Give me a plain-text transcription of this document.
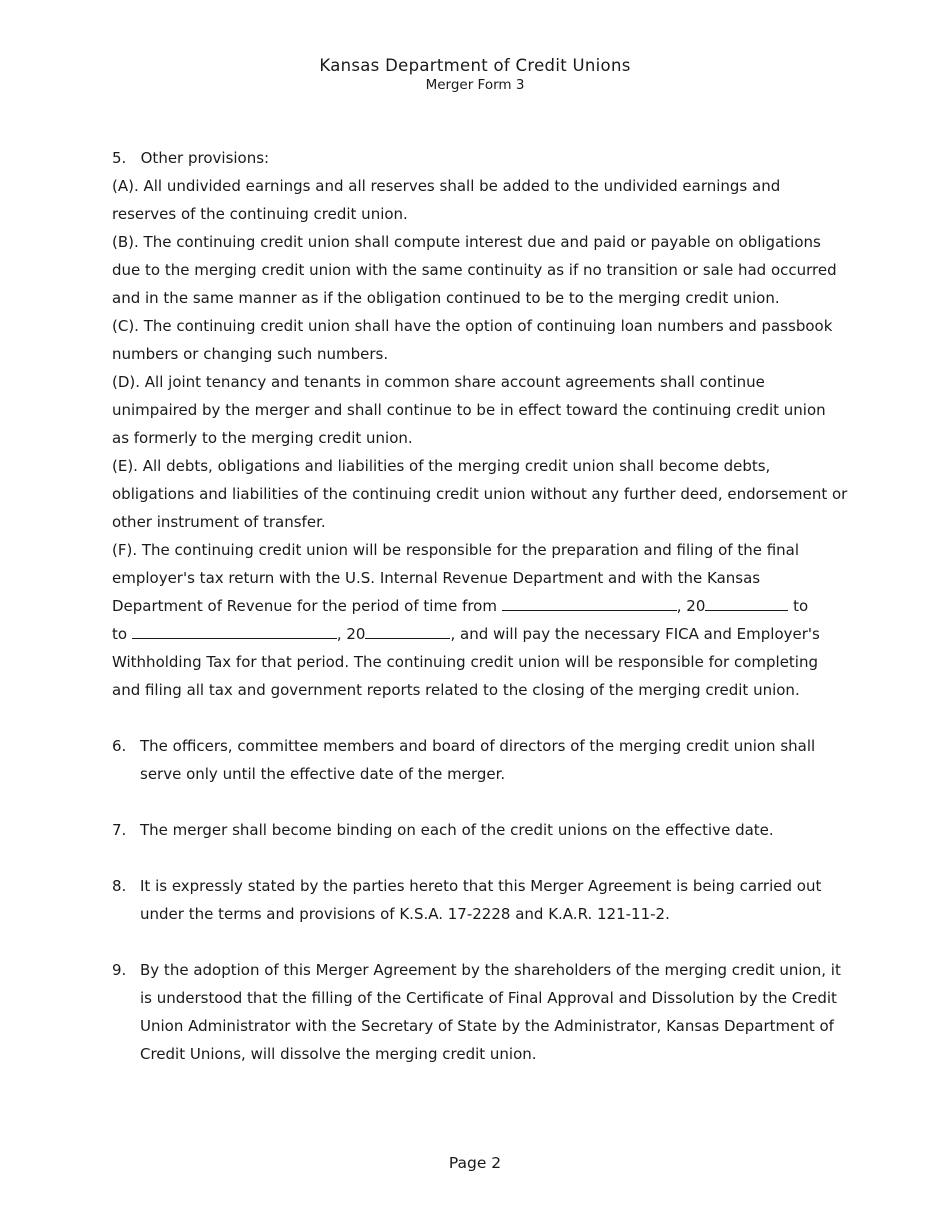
Kansas Department of Credit Unions
Merger Form 3

5. Other provisions:

(A). All undivided earnings and all reserves shall be added to the undivided earnings and

reserves of the continuing credit union.

(B). The continuing credit union shall compute interest due and paid or payable on obligations

due to the merging credit union with the same continuity as if no transition or sale had occurred

and in the same manner as if the obligation continued to be to the merging credit union.

(C). The continuing credit union shall have the option of continuing loan numbers and passbook

numbers or changing such numbers.

(D). All joint tenancy and tenants in common share account agreements shall continue

unimpaired by the merger and shall continue to be in effect toward the continuing credit union

as formerly to the merging credit union.

(E). All debts, obligations and liabilities of the merging credit union shall become debts,

obligations and liabilities of the continuing credit union without any further deed, endorsement or

other instrument of transfer.

(F). The continuing credit union will be responsible for the preparation and filing of the final

employer's tax return with the U.S. Internal Revenue Department and with the Kansas

Department of Revenue for the period of time from	, 20	to

to	, 20	, and will pay the necessary FICA and Employer's

Withholding Tax for that period. The continuing credit union will be responsible for completing

and filing all tax and government reports related to the closing of the merging credit union.

6. The officers, committee members and board of directors of the merging credit union shall

serve only until the effective date of the merger.

7. The merger shall become binding on each of the credit unions on the effective date.

8. It is expressly stated by the parties hereto that this Merger Agreement is being carried out

under the terms and provisions of K.S.A. 17-2228 and K.A.R. 121-11-2.

9. By the adoption of this Merger Agreement by the shareholders of the merging credit union, it

is understood that the filling of the Certificate of Final Approval and Dissolution by the Credit

Union Administrator with the Secretary of State by the Administrator, Kansas Department of

Credit Unions, will dissolve the merging credit union.

Page 2
